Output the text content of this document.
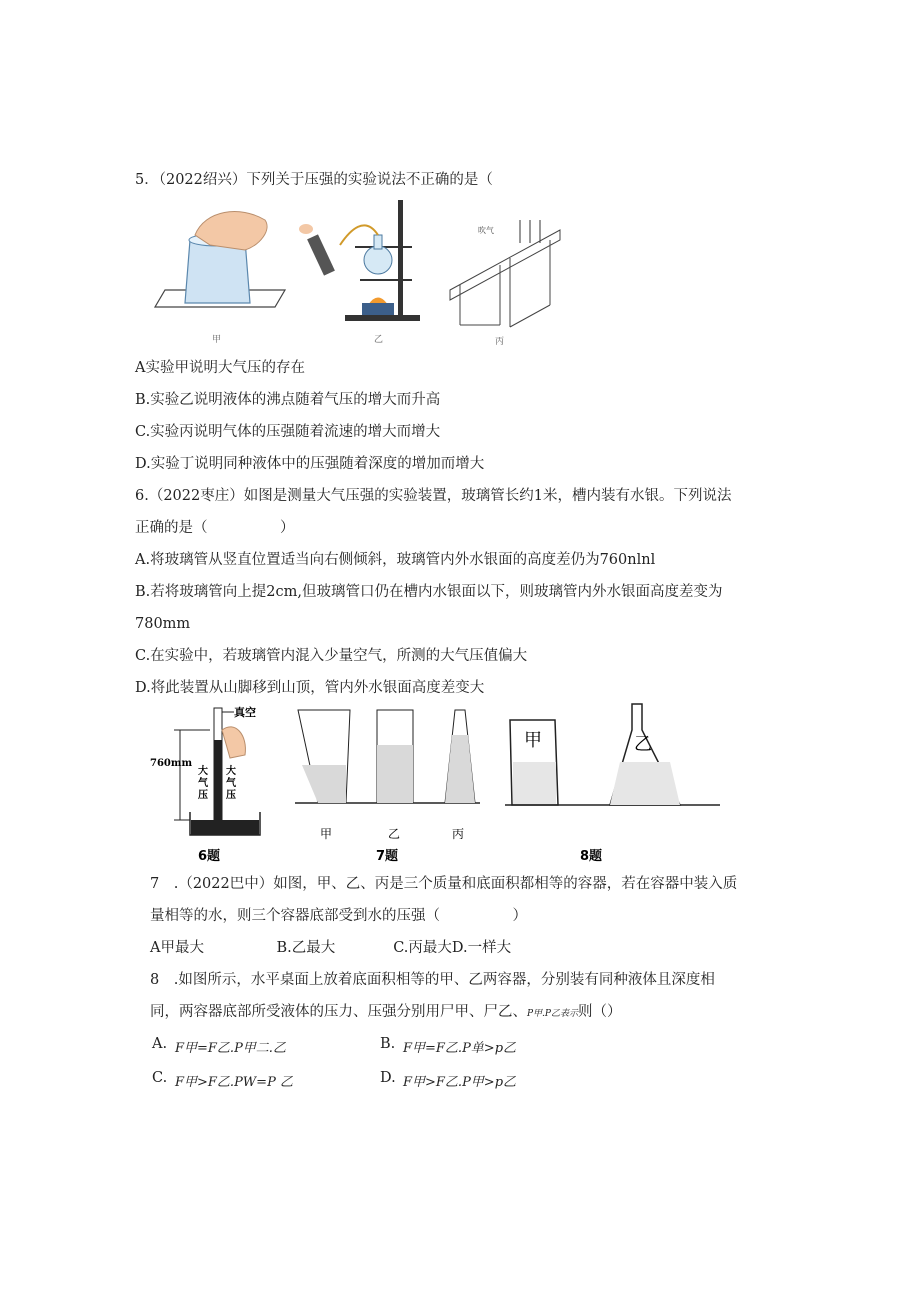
5．（2022绍兴）下列关于压强的实验说法不正确的是（
吹气
A实验甲说明大气压的存在
B.实验乙说明液体的沸点随着气压的增大而升高
C.实验丙说明气体的压强随着流速的增大而增大
D.实验丁说明同种液体中的压强随着深度的增加而增大
6.（2022枣庄）如图是测量大气压强的实验装置，玻璃管长约1米，槽内装有水银。下列说法
正确的是（　　　　　）
A.将玻璃管从竖直位置适当向右侧倾斜，玻璃管内外水银面的高度差仍为760nlnl
B.若将玻璃管向上提2cm,但玻璃管口仍在槽内水银面以下，则玻璃管内外水银面高度差变为
780mm
C.在实验中，若玻璃管内混入少量空气，所测的大气压值偏大
D.将此装置从山脚移到山顶，管内外水银面高度差变大
真空
760mm
大
气
压
大
气
压
6题
甲	乙	丙
7题
甲	乙
8题
7　.（2022巴中）如图，甲、乙、丙是三个质量和底面积都相等的容器，若在容器中装入质
量相等的水，则三个容器底部受到水的压强（　　　　　）
A甲最大　　　　　B.乙最大　　　　C.丙最大D.一样大
8　.如图所示，水平桌面上放着底面积相等的甲、乙两容器，分别装有同种液体且深度相
同，两容器底部所受液体的压力、压强分别用尸甲、尸乙、P甲.P乙表示则（）
A. F甲=F乙.P甲二.乙	B. F甲=F乙.P单>p乙
C. F甲>F乙.PW=P 乙	D. F甲>F乙.P甲>p乙
甲	乙	丙
